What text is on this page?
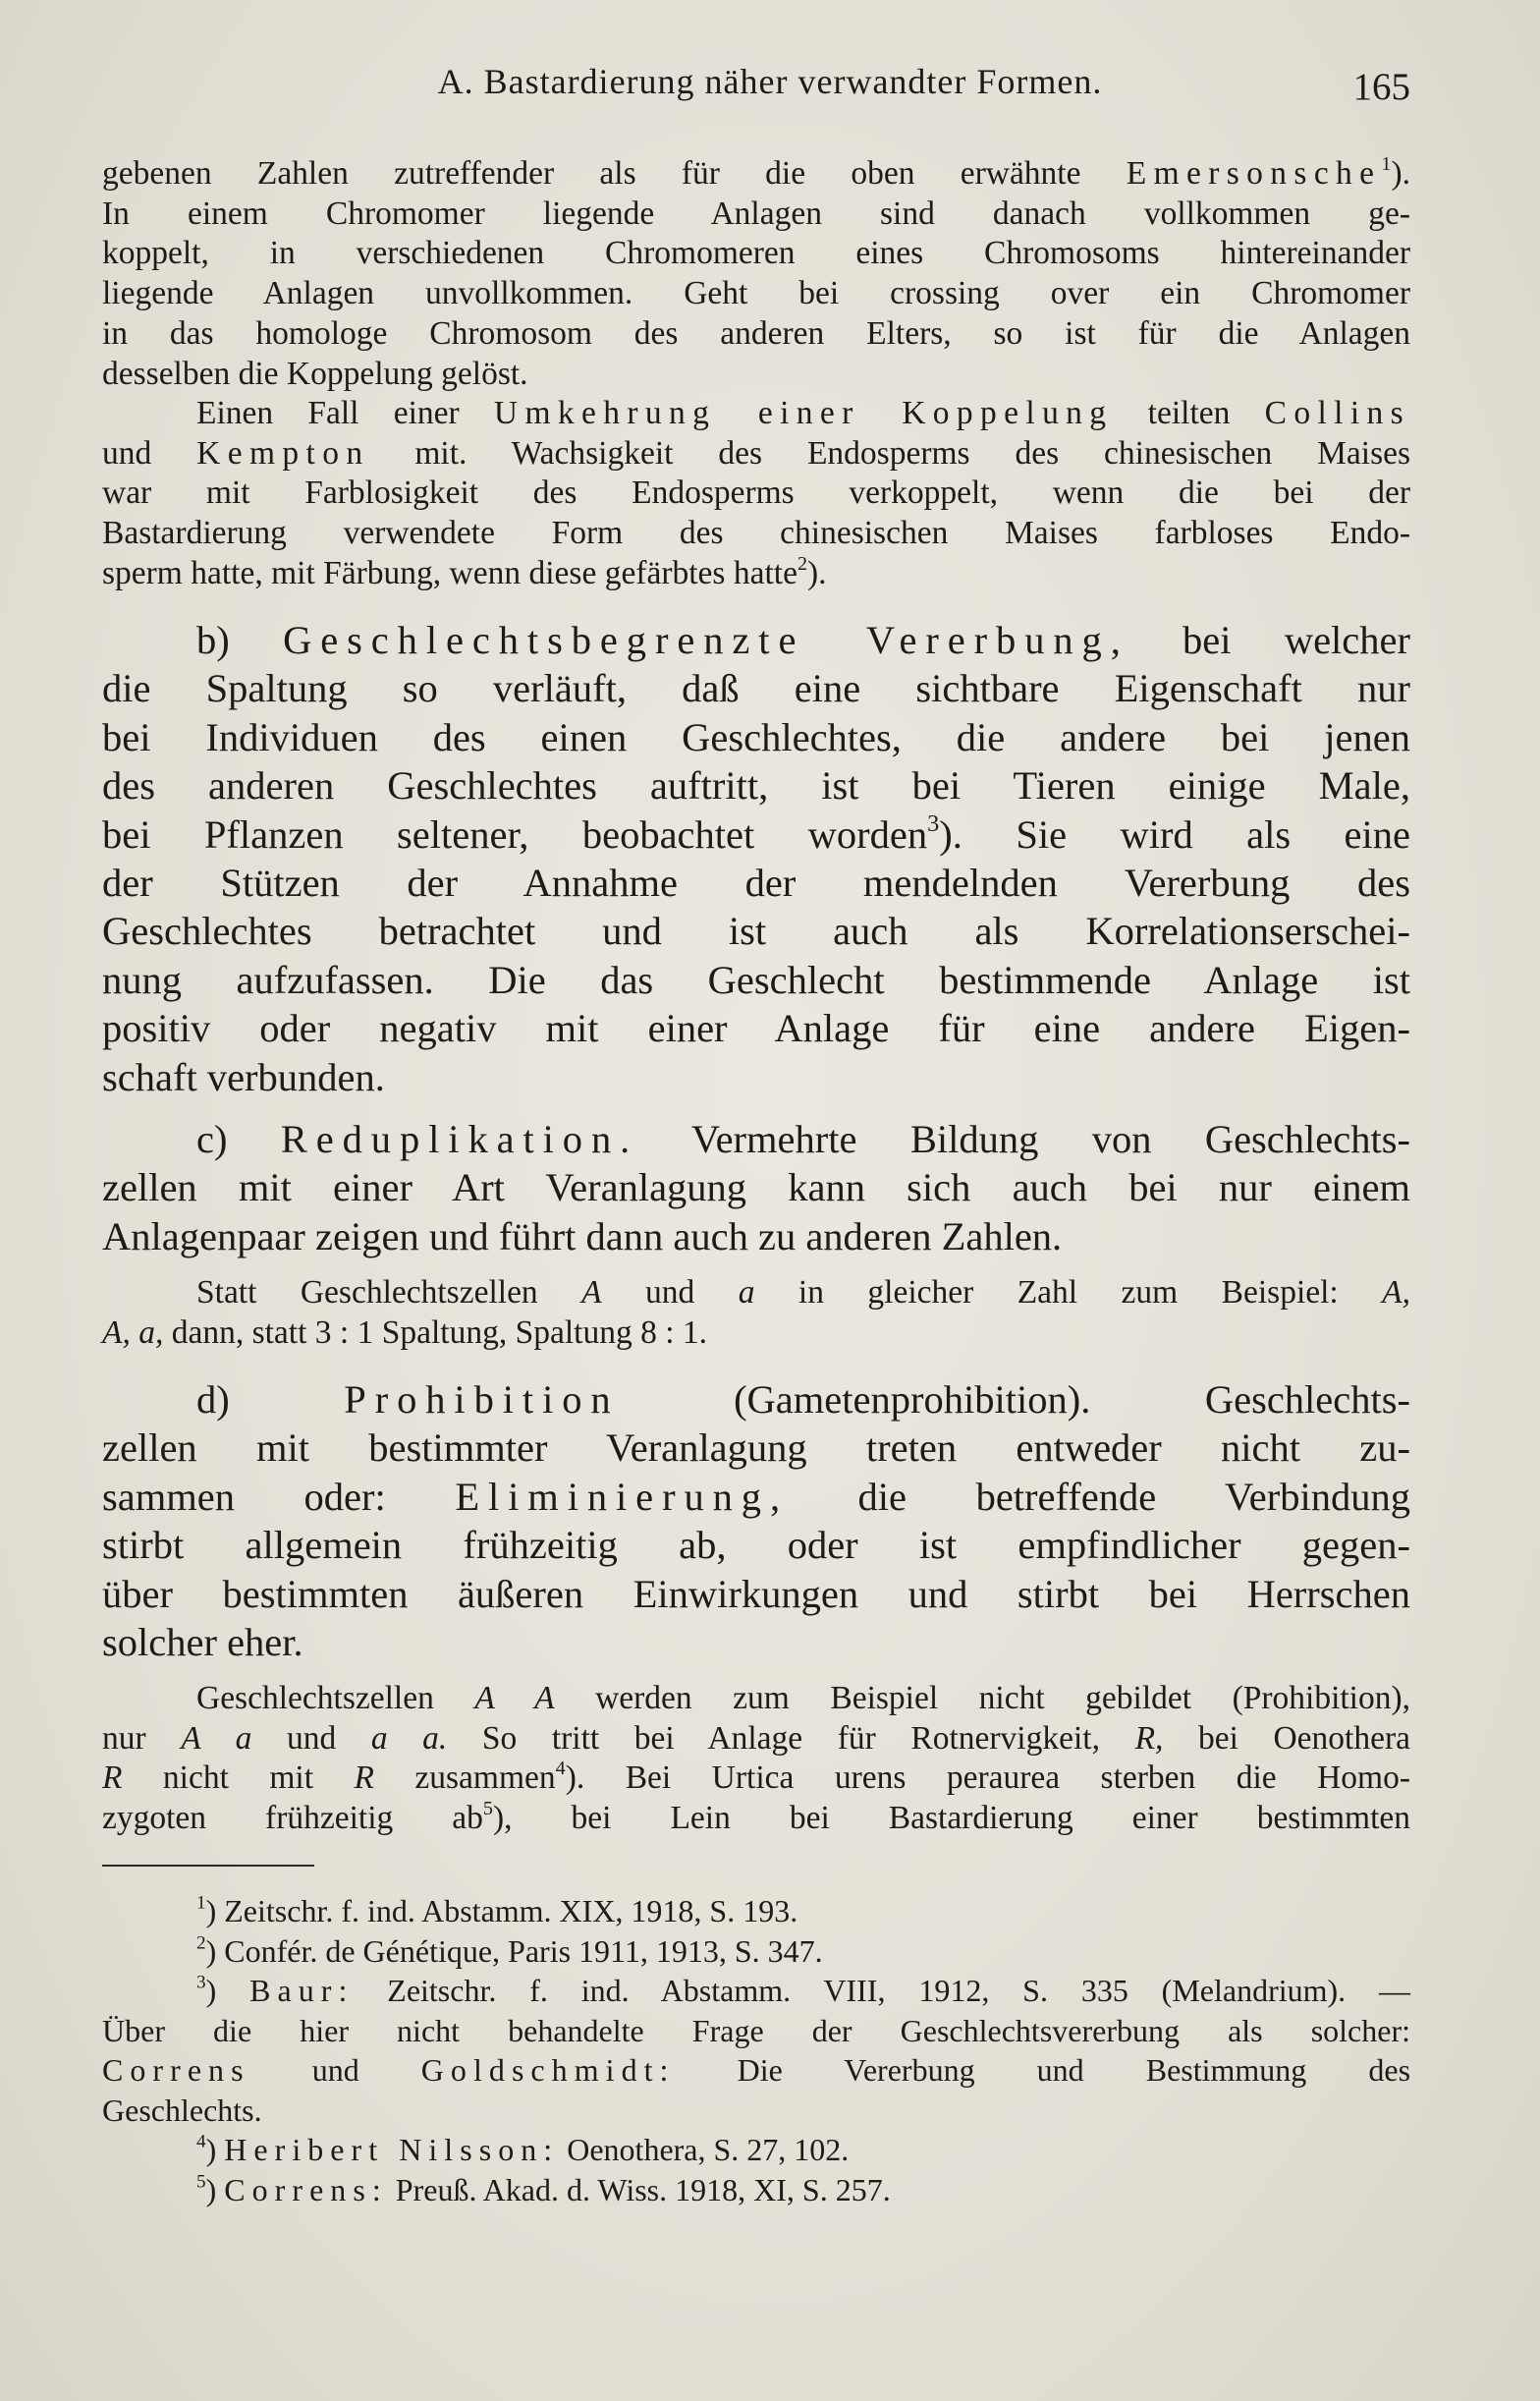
A. Bastardierung näher verwandter Formen.	165

gebenen Zahlen zutreffender als für die oben erwähnte Emersonsche$^1$).

In einem Chromomer liegende Anlagen sind danach vollkommen ge-

koppelt, in verschiedenen Chromomeren eines Chromosoms hintereinander

liegende Anlagen unvollkommen. Geht bei crossing over ein Chromomer

in das homologe Chromosom des anderen Elters, so ist für die Anlagen

desselben die Koppelung gelöst.

Einen Fall einer Umkehrung einer Koppelung teilten Collins

und Kempton mit. Wachsigkeit des Endosperms des chinesischen Maises

war mit Farblosigkeit des Endosperms verkoppelt, wenn die bei der

Bastardierung verwendete Form des chinesischen Maises farbloses Endo-

sperm hatte, mit Färbung, wenn diese gefärbtes hatte$^2$).

b) Geschlechtsbegrenzte Vererbung, bei welcher

die Spaltung so verläuft, daß eine sichtbare Eigenschaft nur

bei Individuen des einen Geschlechtes, die andere bei jenen

des anderen Geschlechtes auftritt, ist bei Tieren einige Male,

bei Pflanzen seltener, beobachtet worden$^3$). Sie wird als eine

der Stützen der Annahme der mendelnden Vererbung des

Geschlechtes betrachtet und ist auch als Korrelationserschei-

nung aufzufassen. Die das Geschlecht bestimmende Anlage ist

positiv oder negativ mit einer Anlage für eine andere Eigen-

schaft verbunden.

c) Reduplikation. Vermehrte Bildung von Geschlechts-

zellen mit einer Art Veranlagung kann sich auch bei nur einem

Anlagenpaar zeigen und führt dann auch zu anderen Zahlen.

Statt Geschlechtszellen A und a in gleicher Zahl zum Beispiel: A,

A, a, dann, statt 3 : 1 Spaltung, Spaltung 8 : 1.

d)	Prohibition	(Gametenprohibition). Geschlechts-

zellen mit bestimmter Veranlagung treten entweder nicht zu-

sammen oder: Eliminierung, die betreffende Verbindung

stirbt allgemein frühzeitig ab, oder ist empfindlicher gegen-

über bestimmten äußeren Einwirkungen und stirbt bei Herrschen

solcher eher.

Geschlechtszellen A A werden zum Beispiel nicht gebildet (Prohibition),

nur A a und a a. So tritt bei Anlage für Rotnervigkeit, R, bei Oenothera

R nicht mit R zusammen$^4$). Bei Urtica urens peraurea sterben die Homo-

zygoten frühzeitig $ab^5$), bei Lein bei Bastardierung einer bestimmten

$^1$) Zeitschr. f. ind. Abstamm. XIX, 1918, S. 193.

$^2$) Confér. de Génétique, Paris 1911, 1913, S. 347.

$^3$) Baur: Zeitschr. f. ind. Abstamm. VIII, 1912, S. 335 (Melandrium). —

Über die hier nicht behandelte Frage der Geschlechtsvererbung als solcher:

Correns und Goldschmidt: Die Vererbung und Bestimmung des

Geschlechts.

$^4$) Heribert Nilsson: Oenothera, S. 27, 102.

$^5$) Correns: Preuß. Akad. d. Wiss. 1918, XI, S. 257.
